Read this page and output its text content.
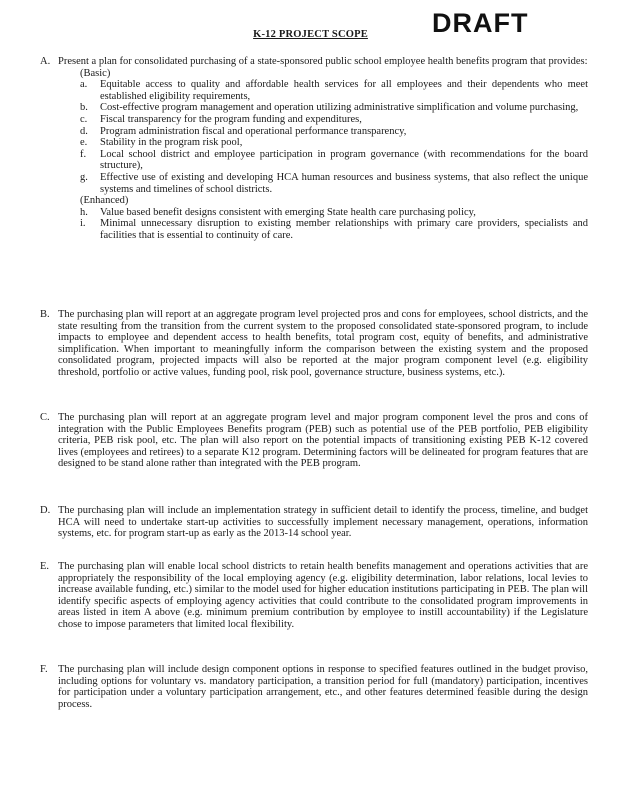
DRAFT
K-12 PROJECT SCOPE
A. Present a plan for consolidated purchasing of a state-sponsored public school employee health benefits program that provides:
(Basic)
a. Equitable access to quality and affordable health services for all employees and their dependents who meet established eligibility requirements,
b. Cost-effective program management and operation utilizing administrative simplification and volume purchasing,
c. Fiscal transparency for the program funding and expenditures,
d. Program administration fiscal and operational performance transparency,
e. Stability in the program risk pool,
f. Local school district and employee participation in program governance (with recommendations for the board structure),
g. Effective use of existing and developing HCA human resources and business systems, that also reflect the unique systems and timelines of school districts.
(Enhanced)
h. Value based benefit designs consistent with emerging State health care purchasing policy,
i. Minimal unnecessary disruption to existing member relationships with primary care providers, specialists and facilities that is essential to continuity of care.
B. The purchasing plan will report at an aggregate program level projected pros and cons for employees, school districts, and the state resulting from the transition from the current system to the proposed consolidated state-sponsored program, to include impacts to employee and dependent access to health benefits, total program cost, equity of benefits, and administrative simplification. When important to meaningfully inform the comparison between the existing system and the proposed consolidated program, projected impacts will also be reported at the major program component level (e.g. eligibility threshold, portfolio or active values, funding pool, risk pool, governance structure, business systems, etc.).
C. The purchasing plan will report at an aggregate program level and major program component level the pros and cons of integration with the Public Employees Benefits program (PEB) such as potential use of the PEB portfolio, PEB eligibility criteria, PEB risk pool, etc. The plan will also report on the potential impacts of transitioning existing PEB K-12 covered lives (employees and retirees) to a separate K12 program. Determining factors will be delineated for program features that are designed to be stand alone rather than integrated with the PEB program.
D. The purchasing plan will include an implementation strategy in sufficient detail to identify the process, timeline, and budget HCA will need to undertake start-up activities to successfully implement necessary management, operations, information systems, etc. for program start-up as early as the 2013-14 school year.
E. The purchasing plan will enable local school districts to retain health benefits management and operations activities that are appropriately the responsibility of the local employing agency (e.g. eligibility determination, labor relations, local levies to increase available funding, etc.) similar to the model used for higher education institutions participating in PEB. The plan will identify specific aspects of employing agency activities that could contribute to the consolidated program improvements in areas listed in item A above (e.g. minimum premium contribution by employee to instill accountability) if the Legislature chose to impose parameters that limited local flexibility.
F. The purchasing plan will include design component options in response to specified features outlined in the budget proviso, including options for voluntary vs. mandatory participation, a transition period for full (mandatory) participation, incentives for participation under a voluntary participation arrangement, etc., and other features determined feasible during the design process.
